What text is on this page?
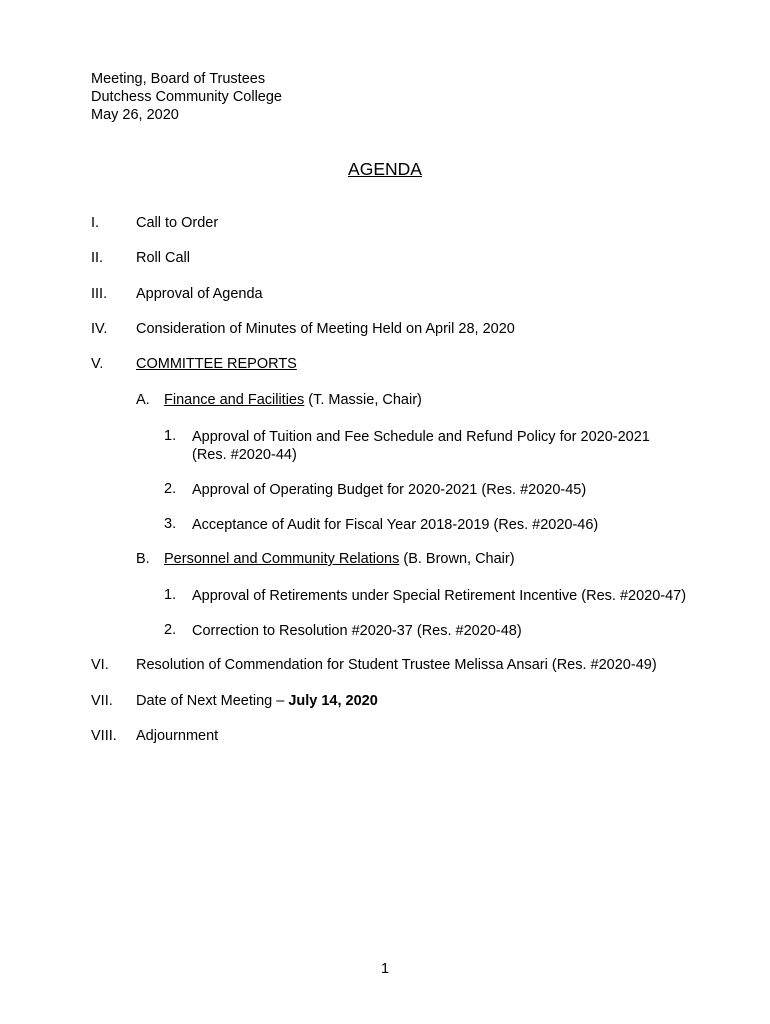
Meeting, Board of Trustees
Dutchess Community College
May 26, 2020
AGENDA
I.	Call to Order
II. Roll Call
III. Approval of Agenda
IV. Consideration of Minutes of Meeting Held on April 28, 2020
V. COMMITTEE REPORTS
A. Finance and Facilities (T. Massie, Chair)
1. Approval of Tuition and Fee Schedule and Refund Policy for 2020-2021
(Res. #2020-44)
2. Approval of Operating Budget for 2020-2021 (Res. #2020-45)
3. Acceptance of Audit for Fiscal Year 2018-2019 (Res. #2020-46)
B. Personnel and Community Relations (B. Brown, Chair)
1. Approval of Retirements under Special Retirement Incentive (Res. #2020-47)
2. Correction to Resolution #2020-37 (Res. #2020-48)
VI. Resolution of Commendation for Student Trustee Melissa Ansari (Res. #2020-49)
VII. Date of Next Meeting – July 14, 2020
VIII. Adjournment
1
